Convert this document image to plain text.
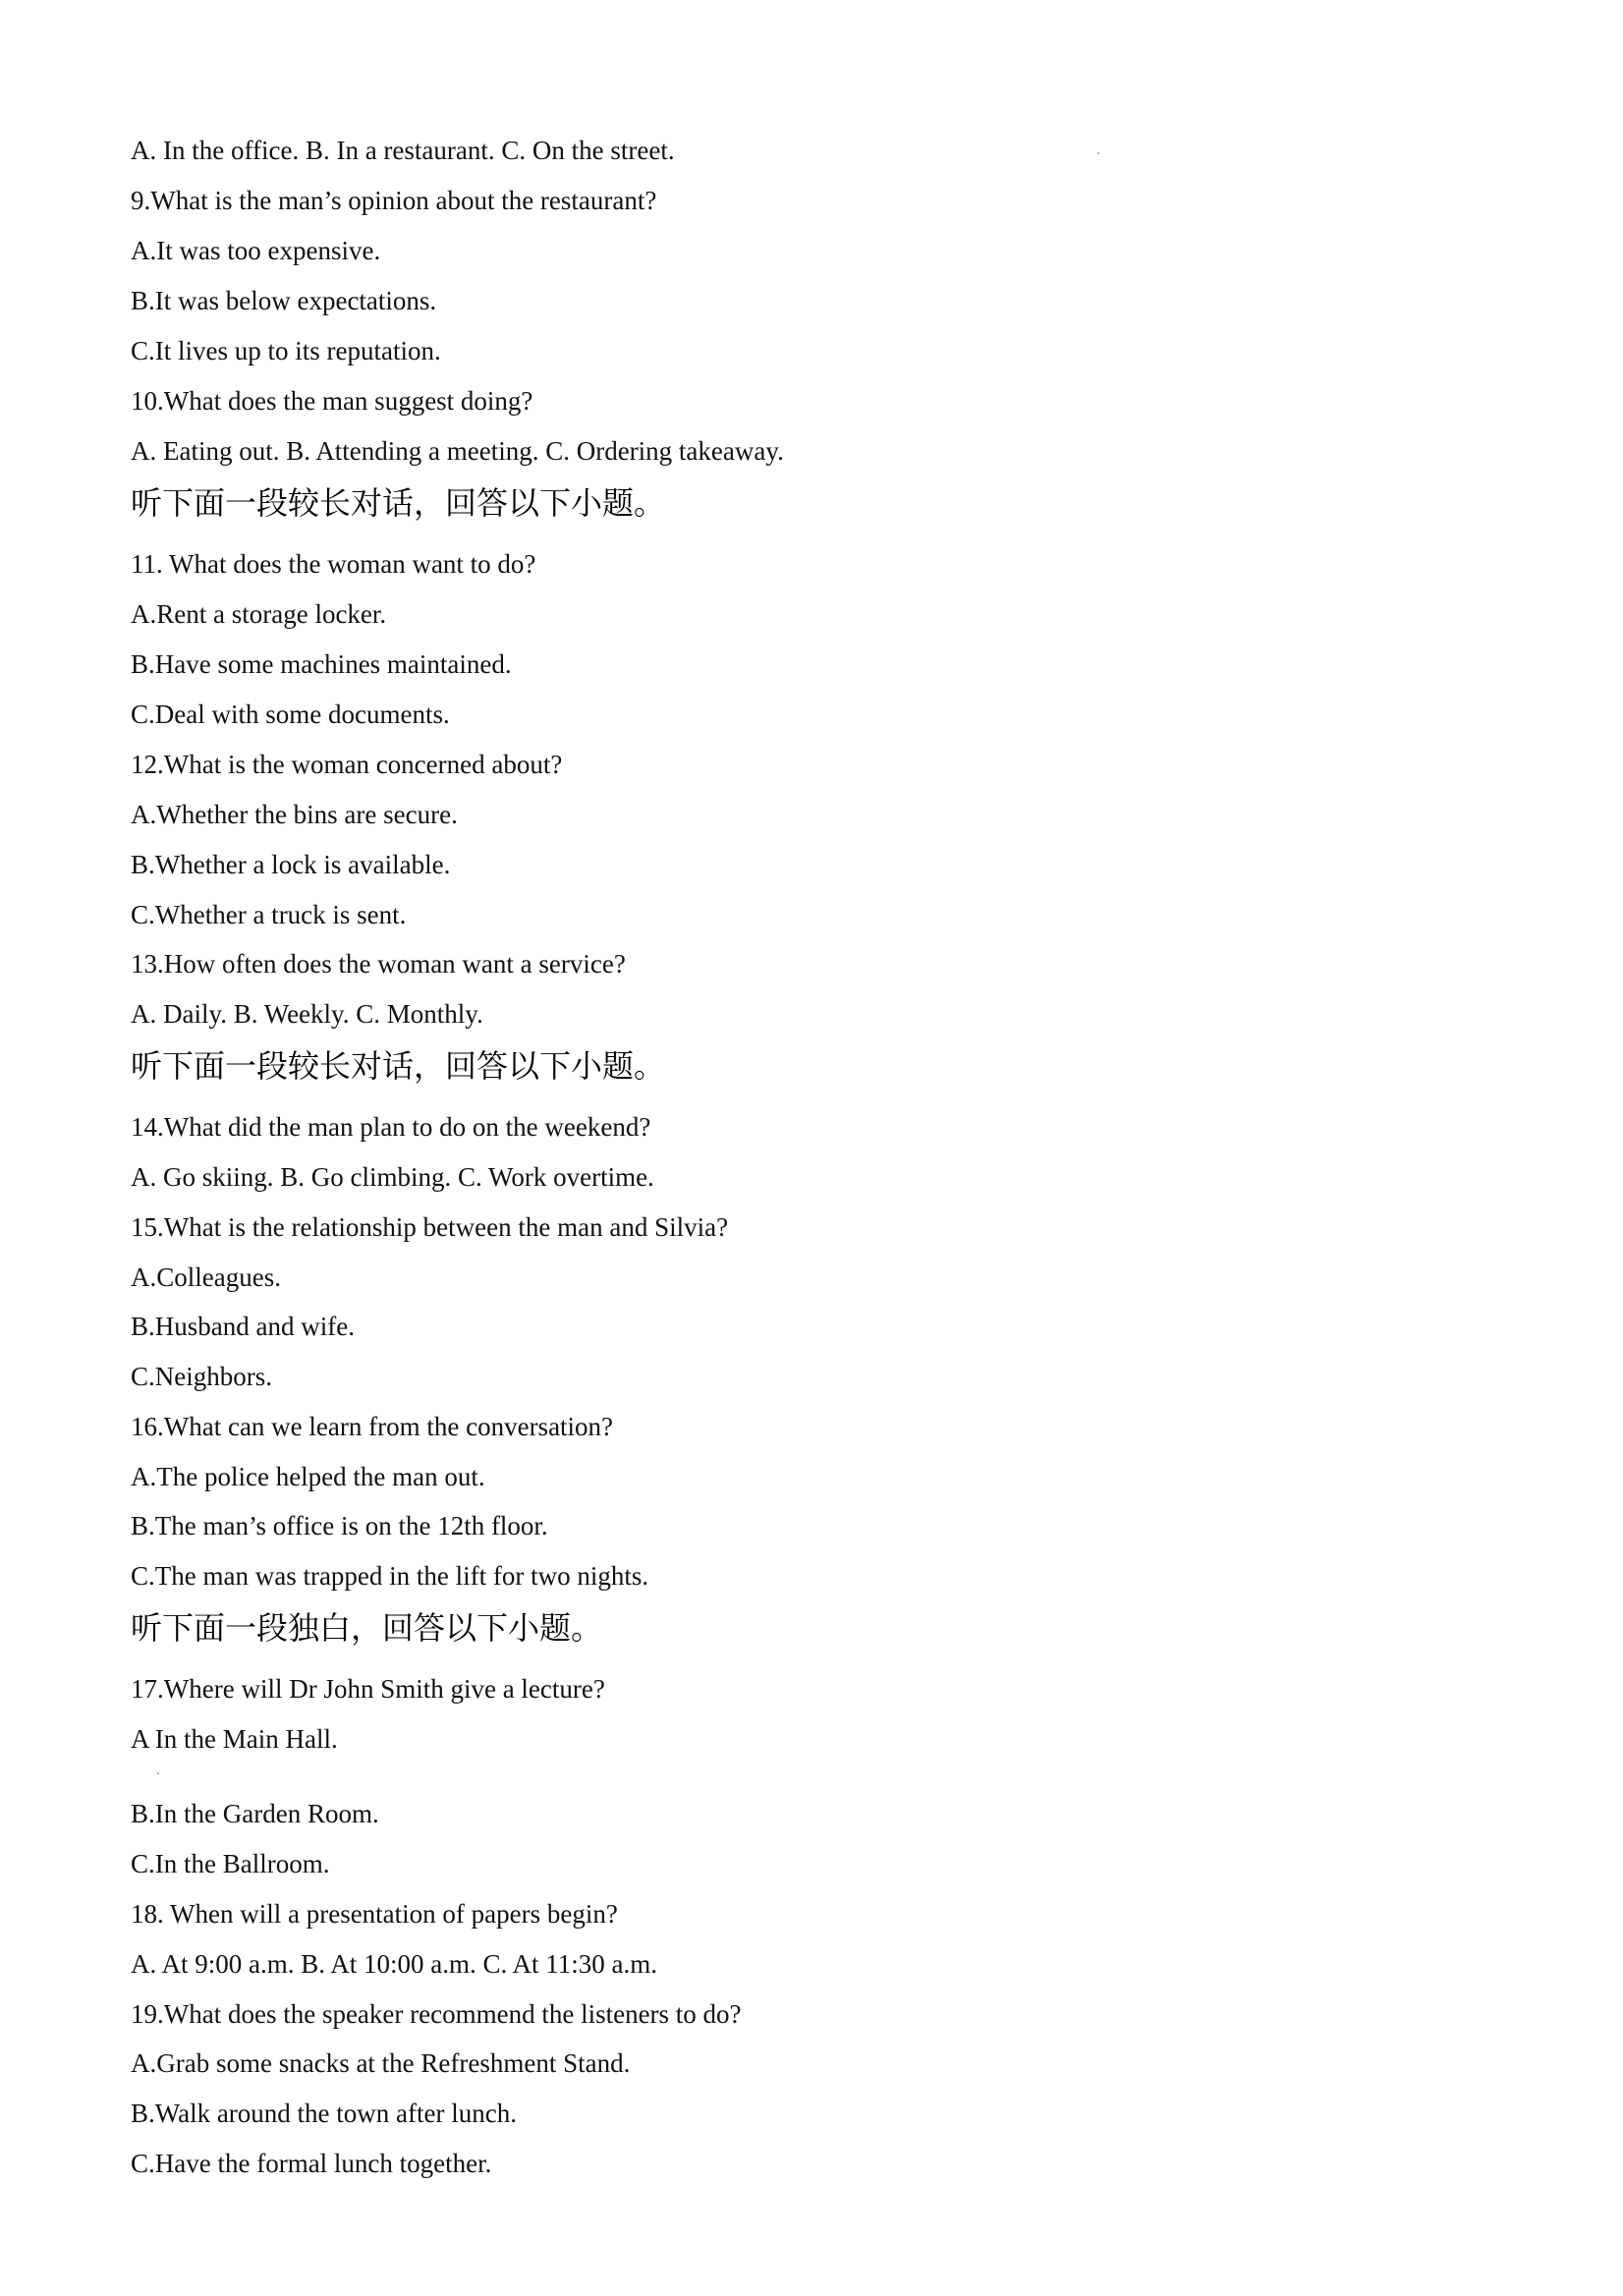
A. In the office. B. In a restaurant. C. On the street.
9.What is the man’s opinion about the restaurant?
A.It was too expensive.
B.It was below expectations.
C.It lives up to its reputation.
10.What does the man suggest doing?
A. Eating out. B. Attending a meeting. C. Ordering takeaway.
听下面一段较长对话，回答以下小题。
11. What does the woman want to do?
A.Rent a storage locker.
B.Have some machines maintained.
C.Deal with some documents.
12.What is the woman concerned about?
A.Whether the bins are secure.
B.Whether a lock is available.
C.Whether a truck is sent.
13.How often does the woman want a service?
A. Daily. B. Weekly. C. Monthly.
听下面一段较长对话，回答以下小题。
14.What did the man plan to do on the weekend?
A. Go skiing. B. Go climbing. C. Work overtime.
15.What is the relationship between the man and Silvia?
A.Colleagues.
B.Husband and wife.
C.Neighbors.
16.What can we learn from the conversation?
A.The police helped the man out.
B.The man’s office is on the 12th floor.
C.The man was trapped in the lift for two nights.
听下面一段独白，回答以下小题。
17.Where will Dr John Smith give a lecture?
A In the Main Hall.
B.In the Garden Room.
C.In the Ballroom.
18. When will a presentation of papers begin?
A. At 9:00 a.m. B. At 10:00 a.m. C. At 11:30 a.m.
19.What does the speaker recommend the listeners to do?
A.Grab some snacks at the Refreshment Stand.
B.Walk around the town after lunch.
C.Have the formal lunch together.
